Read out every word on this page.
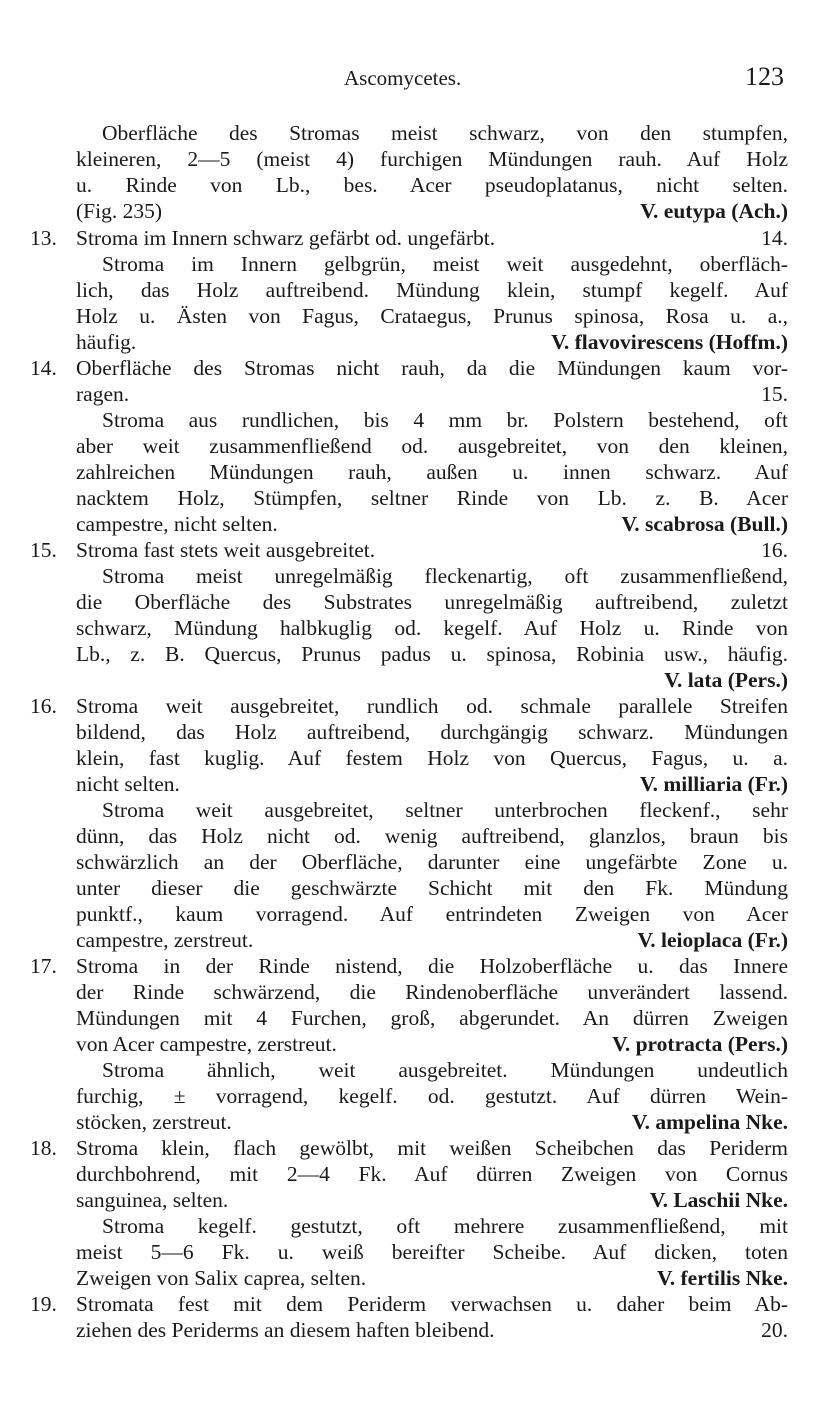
Ascomycetes.	123
Oberfläche des Stromas meist schwarz, von den stumpfen,
kleineren, 2—5 (meist 4) furchigen Mündungen rauh. Auf Holz
u. Rinde von Lb., bes. Acer pseudoplatanus, nicht selten.
(Fig. 235)	V. eutypa (Ach.)
13. Stroma im Innern schwarz gefärbt od. ungefärbt.	14.
Stroma im Innern gelbgrün, meist weit ausgedehnt, oberfläch-
lich, das Holz auftreibend. Mündung klein, stumpf kegelf. Auf
Holz u. Ästen von Fagus, Crataegus, Prunus spinosa, Rosa u. a.,
häufig.	V. flavovirescens (Hoffm.)
14. Oberfläche des Stromas nicht rauh, da die Mündungen kaum vor-
ragen.	15.
Stroma aus rundlichen, bis 4 mm br. Polstern bestehend, oft
aber weit zusammenfließend od. ausgebreitet, von den kleinen,
zahlreichen Mündungen rauh, außen u. innen schwarz. Auf
nacktem Holz, Stümpfen, seltner Rinde von Lb. z. B. Acer
campestre, nicht selten.	V. scabrosa (Bull.)
15. Stroma fast stets weit ausgebreitet.	16.
Stroma meist unregelmäßig fleckenartig, oft zusammenfließend,
die Oberfläche des Substrates unregelmäßig auftreibend, zuletzt
schwarz, Mündung halbkuglig od. kegelf. Auf Holz u. Rinde von
Lb., z. B. Quercus, Prunus padus u. spinosa, Robinia usw., häufig.
V. lata (Pers.)
16. Stroma weit ausgebreitet, rundlich od. schmale parallele Streifen
bildend, das Holz auftreibend, durchgängig schwarz. Mündungen
klein, fast kuglig. Auf festem Holz von Quercus, Fagus, u. a.
nicht selten.	V. milliaria (Fr.)
Stroma weit ausgebreitet, seltner unterbrochen fleckenf., sehr
dünn, das Holz nicht od. wenig auftreibend, glanzlos, braun bis
schwärzlich an der Oberfläche, darunter eine ungefärbte Zone u.
unter dieser die geschwärzte Schicht mit den Fk. Mündung
punktf., kaum vorragend. Auf entrindeten Zweigen von Acer
campestre, zerstreut.	V. leioplaca (Fr.)
17. Stroma in der Rinde nistend, die Holzoberfläche u. das Innere
der Rinde schwärzend, die Rindenoberfläche unverändert lassend.
Mündungen mit 4 Furchen, groß, abgerundet. An dürren Zweigen
von Acer campestre, zerstreut.	V. protracta (Pers.)
Stroma ähnlich, weit ausgebreitet. Mündungen undeutlich
furchig, ± vorragend, kegelf. od. gestutzt. Auf dürren Wein-
stöcken, zerstreut.	V. ampelina Nke.
18. Stroma klein, flach gewölbt, mit weißen Scheibchen das Periderm
durchbohrend, mit 2—4 Fk. Auf dürren Zweigen von Cornus
sanguinea, selten.	V. Laschii Nke.
Stroma kegelf. gestutzt, oft mehrere zusammenfließend, mit
meist 5—6 Fk. u. weiß bereifter Scheibe. Auf dicken, toten
Zweigen von Salix caprea, selten.	V. fertilis Nke.
19. Stromata fest mit dem Periderm verwachsen u. daher beim Ab-
ziehen des Periderms an diesem haften bleibend.	20.
